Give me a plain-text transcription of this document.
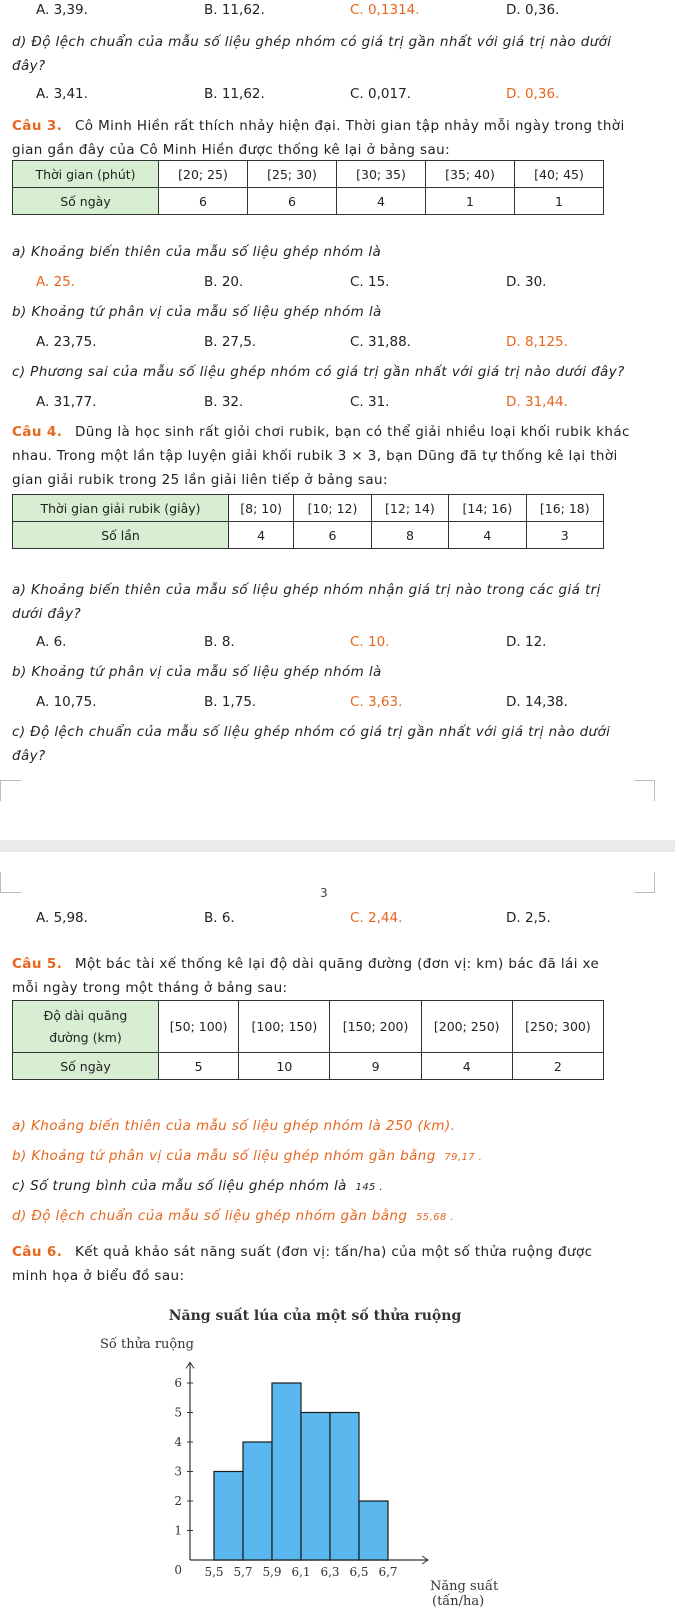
A. 3,39.	B. 11,62.	C. 0,1314.	D. 0,36.
d) Độ lệch chuẩn của mẫu số liệu ghép nhóm có giá trị gần nhất với giá trị nào dưới
đây?
A. 3,41.	B. 11,62.	C. 0,017.	D. 0,36.
Câu 3. Cô Minh Hiền rất thích nhảy hiện đại. Thời gian tập nhảy mỗi ngày trong thời
gian gần đây của Cô Minh Hiền được thống kê lại ở bảng sau:
Thời gian (phút)	[20; 25)	[25; 30)	[30; 35)	[35; 40)	[40; 45)
Số ngày	6	6	4	1	1
a) Khoảng biến thiên của mẫu số liệu ghép nhóm là
A. 25.	B. 20.	C. 15.	D. 30.
b) Khoảng tứ phân vị của mẫu số liệu ghép nhóm là
A. 23,75.	B. 27,5.	C. 31,88.	D. 8,125.
c) Phương sai của mẫu số liệu ghép nhóm có giá trị gần nhất với giá trị nào dưới đây?
A. 31,77.	B. 32.	C. 31.	D. 31,44.
Câu 4. Dũng là học sinh rất giỏi chơi rubik, bạn có thể giải nhiều loại khối rubik khác
nhau. Trong một lần tập luyện giải khối rubik 3 × 3, bạn Dũng đã tự thống kê lại thời
gian giải rubik trong 25 lần giải liên tiếp ở bảng sau:
Thời gian giải rubik (giây)	[8; 10)	[10; 12)	[12; 14)	[14; 16)	[16; 18)
Số lần	4	6	8	4	3
a) Khoảng biến thiên của mẫu số liệu ghép nhóm nhận giá trị nào trong các giá trị
dưới đây?
A. 6.	B. 8.	C. 10.	D. 12.
b) Khoảng tứ phân vị của mẫu số liệu ghép nhóm là
A. 10,75.	B. 1,75.	C. 3,63.	D. 14,38.
c) Độ lệch chuẩn của mẫu số liệu ghép nhóm có giá trị gần nhất với giá trị nào dưới
đây?
3
A. 5,98.	B. 6.	C. 2,44.	D. 2,5.
Câu 5. Một bác tài xế thống kê lại độ dài quãng đường (đơn vị: km) bác đã lái xe
mỗi ngày trong một tháng ở bảng sau:
Độ dài quãng
đường (km)	[50; 100)	[100; 150)	[150; 200)	[200; 250)	[250; 300)
Số ngày	5	10	9	4	2
a) Khoảng biến thiên của mẫu số liệu ghép nhóm là 250 (km).
b) Khoảng tứ phân vị của mẫu số liệu ghép nhóm gần bằng 79,17 .
c) Số trung bình của mẫu số liệu ghép nhóm là 145 .
d) Độ lệch chuẩn của mẫu số liệu ghép nhóm gần bằng 55,68 .
Câu 6. Kết quả khảo sát năng suất (đơn vị: tấn/ha) của một số thửa ruộng được
minh họa ở biểu đồ sau:
Năng suất lúa của một số thửa ruộng
Số thửa ruộng
Năng suất
(tấn/ha)
0
1
2
3
4
5
6
5,5 5,7 5,9 6,1 6,3 6,5 6,7
